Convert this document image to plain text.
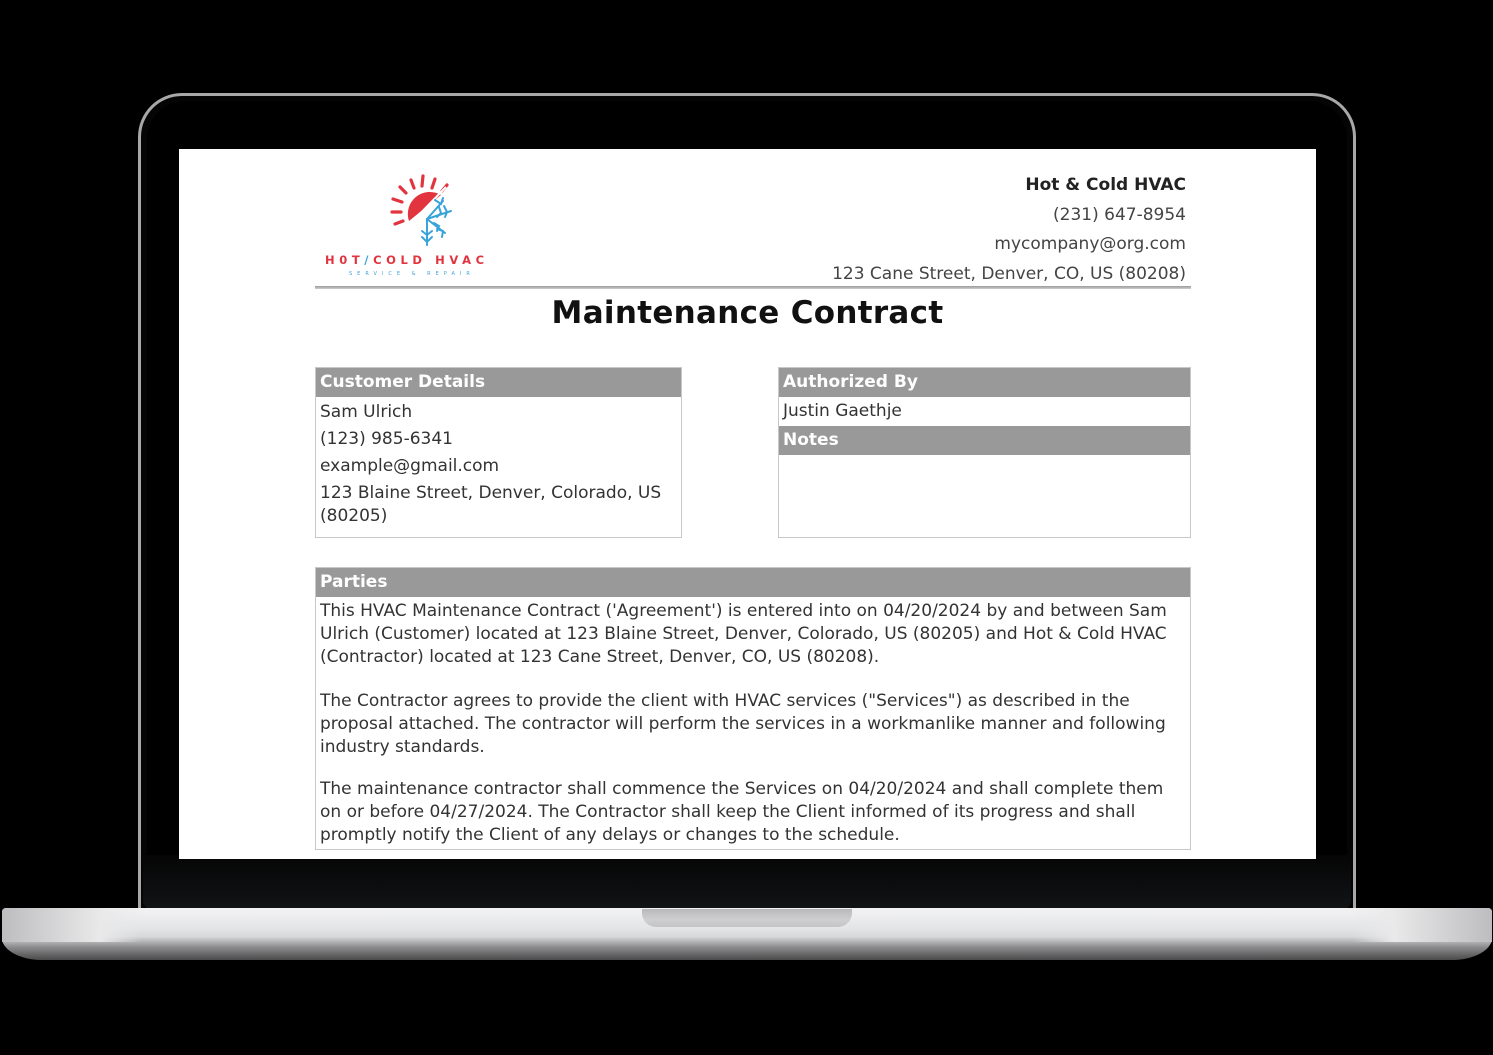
H0T/COLD HVAC
SERVICE & REPAIR
Hot & Cold HVAC
(231) 647-8954
mycompany@org.com
123 Cane Street, Denver, CO, US (80208)
Maintenance Contract
Customer Details
Sam Ulrich
(123) 985-6341
example@gmail.com
123 Blaine Street, Denver, Colorado, US (80205)
Authorized By
Justin Gaethje
Notes
Parties

This HVAC Maintenance Contract ('Agreement') is entered into on 04/20/2024 by and between Sam Ulrich (Customer) located at 123 Blaine Street, Denver, Colorado, US (80205) and Hot & Cold HVAC (Contractor) located at 123 Cane Street, Denver, CO, US (80208).

The Contractor agrees to provide the client with HVAC services ("Services") as described in the proposal attached. The contractor will perform the services in a workmanlike manner and following industry standards.

The maintenance contractor shall commence the Services on 04/20/2024 and shall complete them on or before 04/27/2024. The Contractor shall keep the Client informed of its progress and shall promptly notify the Client of any delays or changes to the schedule.
